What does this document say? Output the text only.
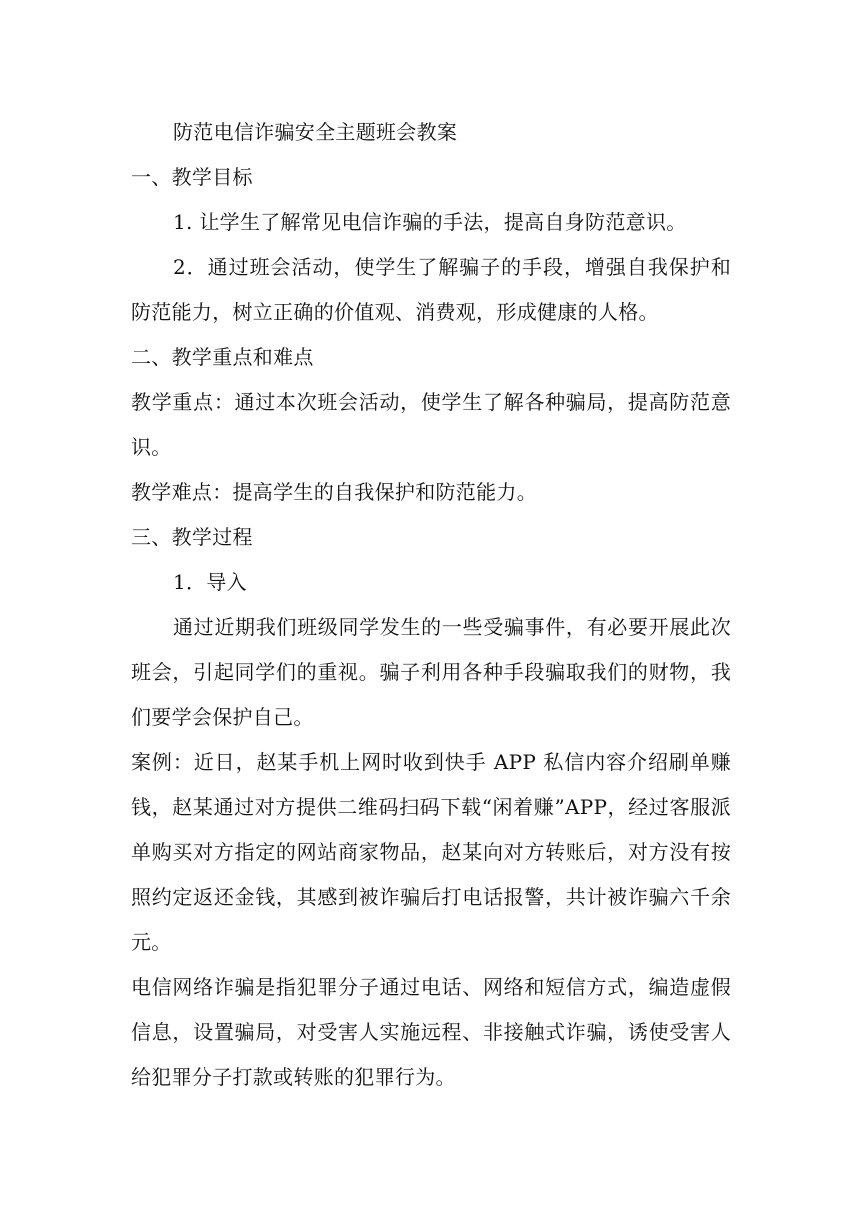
防范电信诈骗安全主题班会教案

一、教学目标

1. 让学生了解常见电信诈骗的手法，提高自身防范意识。

2．通过班会活动，使学生了解骗子的手段，增强自我保护和防范能力，树立正确的价值观、消费观，形成健康的人格。

二、教学重点和难点

教学重点：通过本次班会活动，使学生了解各种骗局，提高防范意识。

教学难点：提高学生的自我保护和防范能力。

三、教学过程

1．导入

通过近期我们班级同学发生的一些受骗事件，有必要开展此次班会，引起同学们的重视。骗子利用各种手段骗取我们的财物，我们要学会保护自己。

案例：近日，赵某手机上网时收到快手 APP 私信内容介绍刷单赚钱，赵某通过对方提供二维码扫码下载“闲着赚”APP，经过客服派单购买对方指定的网站商家物品，赵某向对方转账后，对方没有按照约定返还金钱，其感到被诈骗后打电话报警，共计被诈骗六千余元。

电信网络诈骗是指犯罪分子通过电话、网络和短信方式，编造虚假信息，设置骗局，对受害人实施远程、非接触式诈骗，诱使受害人给犯罪分子打款或转账的犯罪行为。
